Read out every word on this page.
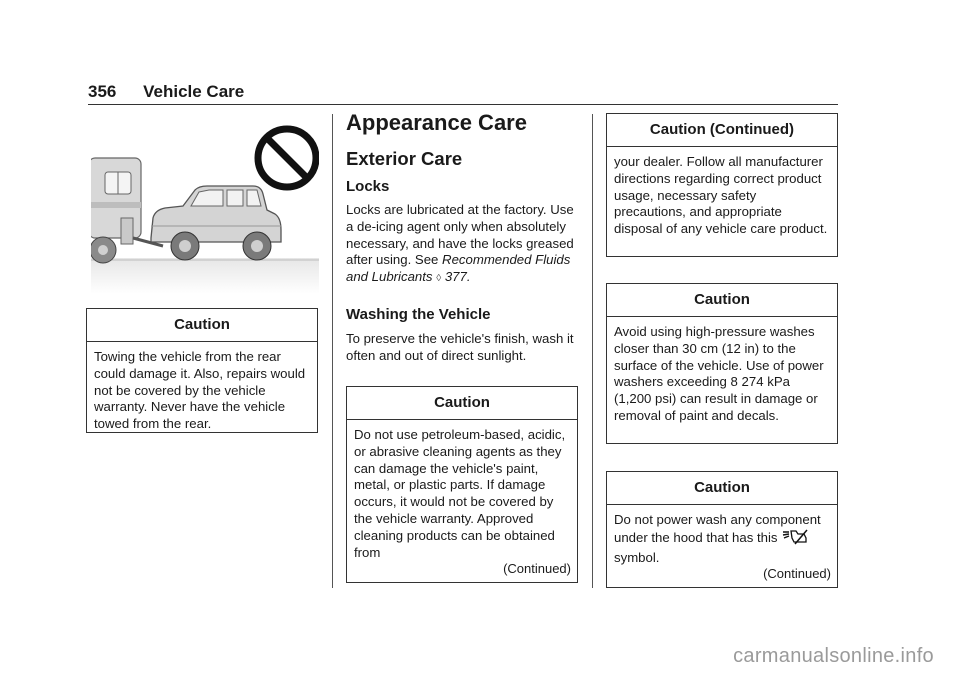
356 Vehicle Care
Caution
Towing the vehicle from the rear could damage it. Also, repairs would not be covered by the vehicle warranty. Never have the vehicle towed from the rear.
Appearance Care
Exterior Care
Locks
Locks are lubricated at the factory. Use a de-icing agent only when absolutely necessary, and have the locks greased after using. See Recommended Fluids and Lubricants ◊ 377.
Washing the Vehicle
To preserve the vehicle's finish, wash it often and out of direct sunlight.
Caution
Do not use petroleum-based, acidic, or abrasive cleaning agents as they can damage the vehicle's paint, metal, or plastic parts. If damage occurs, it would not be covered by the vehicle warranty. Approved cleaning products can be obtained from
(Continued)
Caution (Continued)
your dealer. Follow all manufacturer directions regarding correct product usage, necessary safety precautions, and appropriate disposal of any vehicle care product.
Caution
Avoid using high-pressure washes closer than 30 cm (12 in) to the surface of the vehicle. Use of power washers exceeding 8 274 kPa (1,200 psi) can result in damage or removal of paint and decals.
Caution
Do not power wash any component under the hood that has this  symbol.
(Continued)
carmanualsonline.info
